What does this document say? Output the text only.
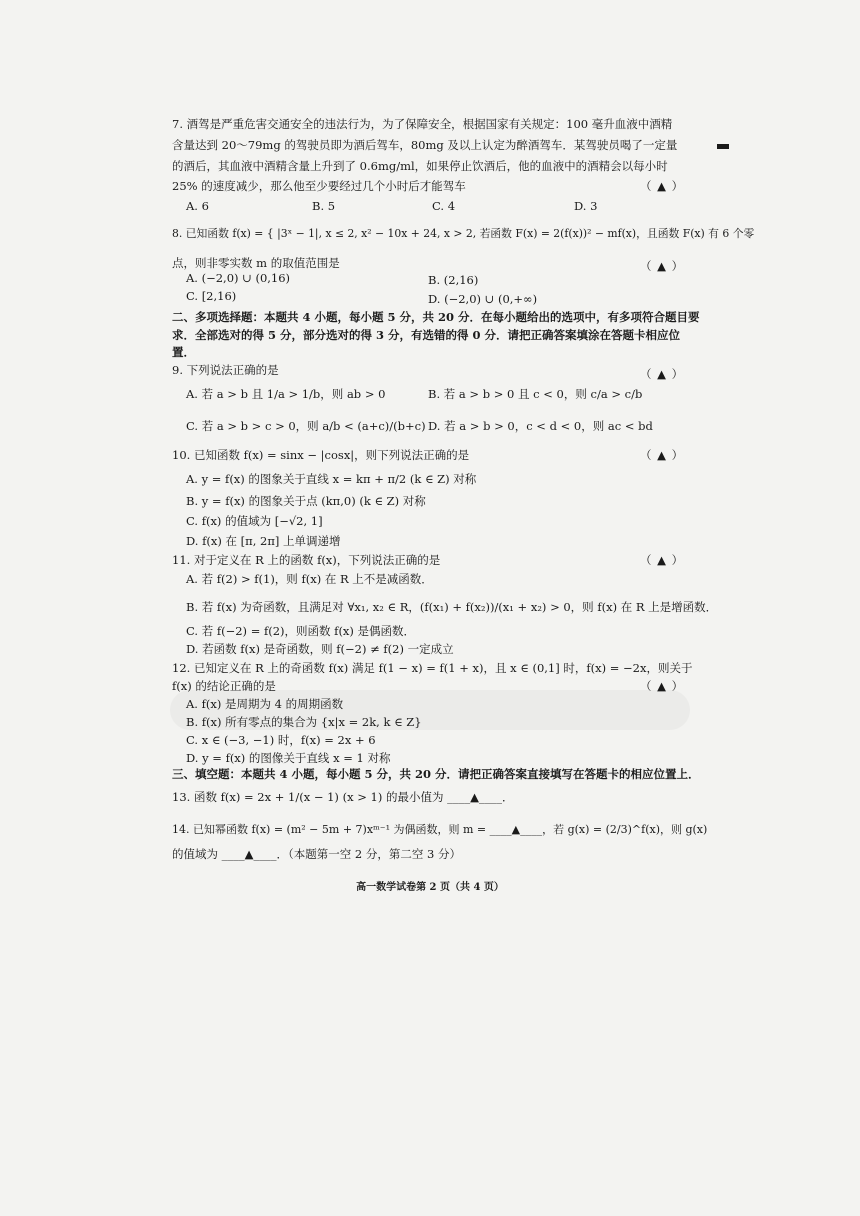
7. 酒驾是严重危害交通安全的违法行为，为了保障安全，根据国家有关规定：100 毫升血液中酒精
含量达到 20～79mg 的驾驶员即为酒后驾车，80mg 及以上认定为醉酒驾车．某驾驶员喝了一定量
的酒后，其血液中酒精含量上升到了 0.6mg/ml，如果停止饮酒后，他的血液中的酒精会以每小时
25% 的速度减少，那么他至少要经过几个小时后才能驾车	（ ▲ ）
A. 6	B. 5	C. 4	D. 3
8. 已知函数 f(x) = { |3ˣ − 1|, x ≤ 2, x² − 10x + 24, x > 2, 若函数 F(x) = 2(f(x))² − mf(x)，且函数 F(x) 有 6 个零
点，则非零实数 m 的取值范围是	（ ▲ ）
A. (−2,0) ∪ (0,16)	B. (2,16)
C. [2,16)	D. (−2,0) ∪ (0,+∞)
二、多项选择题：本题共 4 小题，每小题 5 分，共 20 分．在每小题给出的选项中，有多项符合题目要
求．全部选对的得 5 分，部分选对的得 3 分，有选错的得 0 分．请把正确答案填涂在答题卡相应位
置．
9. 下列说法正确的是	（ ▲ ）
A. 若 a > b 且 1/a > 1/b，则 ab > 0	B. 若 a > b > 0 且 c < 0，则 c/a > c/b
C. 若 a > b > c > 0，则 a/b < (a+c)/(b+c) D. 若 a > b > 0，c < d < 0，则 ac < bd
10. 已知函数 f(x) = sinx − |cosx|，则下列说法正确的是	（ ▲ ）
A. y = f(x) 的图象关于直线 x = kπ + π/2 (k ∈ Z) 对称
B. y = f(x) 的图象关于点 (kπ,0) (k ∈ Z) 对称
C. f(x) 的值域为 [−√2, 1]
D. f(x) 在 [π, 2π] 上单调递增
11. 对于定义在 R 上的函数 f(x)，下列说法正确的是	（ ▲ ）
A. 若 f(2) > f(1)，则 f(x) 在 R 上不是减函数．
B. 若 f(x) 为奇函数，且满足对 ∀x₁, x₂ ∈ R，(f(x₁) + f(x₂))/(x₁ + x₂) > 0，则 f(x) 在 R 上是增函数．
C. 若 f(−2) = f(2)，则函数 f(x) 是偶函数．
D. 若函数 f(x) 是奇函数，则 f(−2) ≠ f(2) 一定成立
12. 已知定义在 R 上的奇函数 f(x) 满足 f(1 − x) = f(1 + x)，且 x ∈ (0,1] 时，f(x) = −2x，则关于
f(x) 的结论正确的是	（ ▲ ）
A. f(x) 是周期为 4 的周期函数
B. f(x) 所有零点的集合为 {x|x = 2k, k ∈ Z}
C. x ∈ (−3, −1) 时，f(x) = 2x + 6
D. y = f(x) 的图像关于直线 x = 1 对称
三、填空题：本题共 4 小题，每小题 5 分，共 20 分．请把正确答案直接填写在答题卡的相应位置上．
13. 函数 f(x) = 2x + 1/(x − 1) (x > 1) 的最小值为 ____▲____．
14. 已知幂函数 f(x) = (m² − 5m + 7)xᵐ⁻¹ 为偶函数，则 m = ____▲____，若 g(x) = (2/3)^f(x)，则 g(x)
的值域为 ____▲____．（本题第一空 2 分，第二空 3 分）
高一数学试卷第 2 页（共 4 页）
